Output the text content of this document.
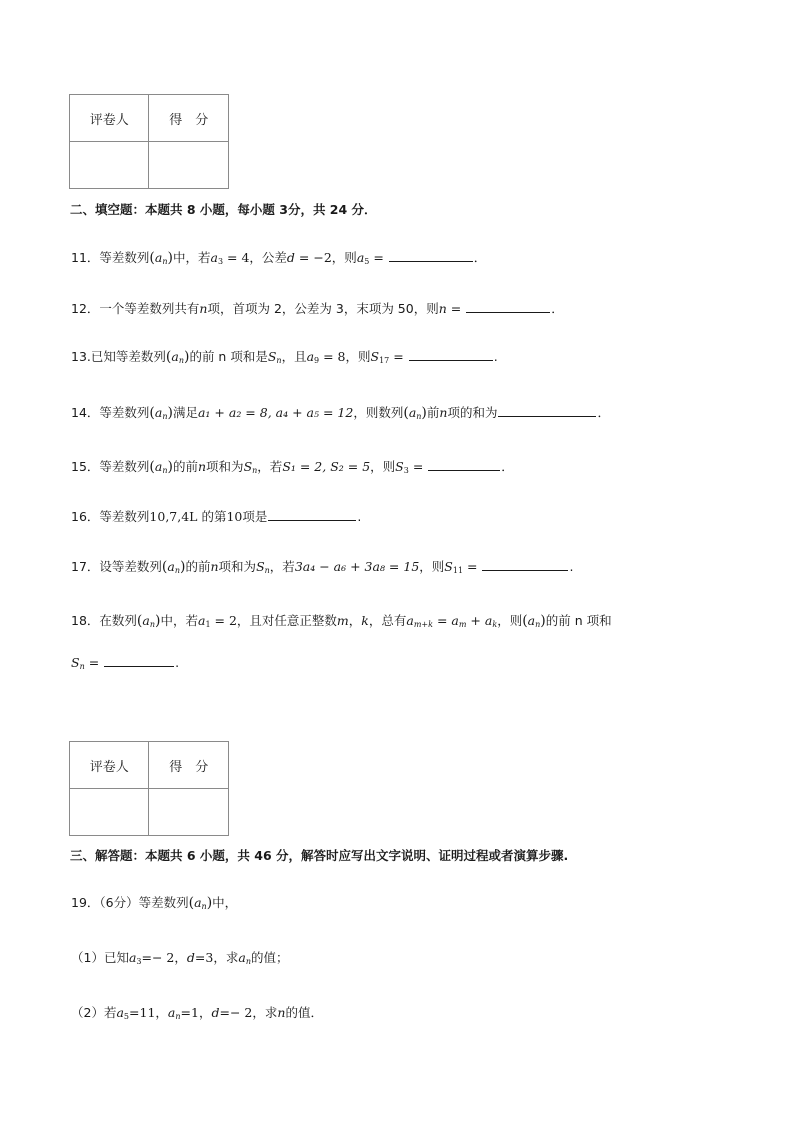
评卷人	得　分

二、填空题：本题共 8 小题，每小题 3分，共 24 分．
11．等差数列$(a_n)$中，若$a_3 = 4$，公差d = −2，则$a_5$ =	．
12．一个等差数列共有n项，首项为 2，公差为 3，末项为 50，则n =	．
13.已知等差数列$(a_n)$的前 n 项和是$S_n$，且$a_9 = 8$，则$S_{17}$ =	.
14．等差数列$(a_n)$满足a₁ + a₂ = 8, a₄ + a₅ = 12，则数列$(a_n)$前n项的和为	．
15．等差数列$(a_n)$的前n项和为$S_n$，若S₁ = 2, S₂ = 5，则$S_3$ =	．
16．等差数列10,7,4L 的第10项是	.
17．设等差数列$(a_n)$的前n项和为$S_n$，若3a₄ − a₆ + 3a₈ = 15，则$S_{11}$ =	.
18．在数列$(a_n)$中，若$a_1 = 2$，且对任意正整数m，k，总有$a_{m+k} = a_m + a_k$，则$(a_n)$的前 n 项和
$S_n$ =	.
评卷人	得　分

三、解答题：本题共 6 小题，共 46 分，解答时应写出文字说明、证明过程或者演算步骤.
19．（6分）等差数列$(a_n)$中，
（1）已知$a_3=- 2$，d=3，求$a_n$的值；
（2）若$a_5=11$，$a_n=1$，d=− 2，求n的值．
